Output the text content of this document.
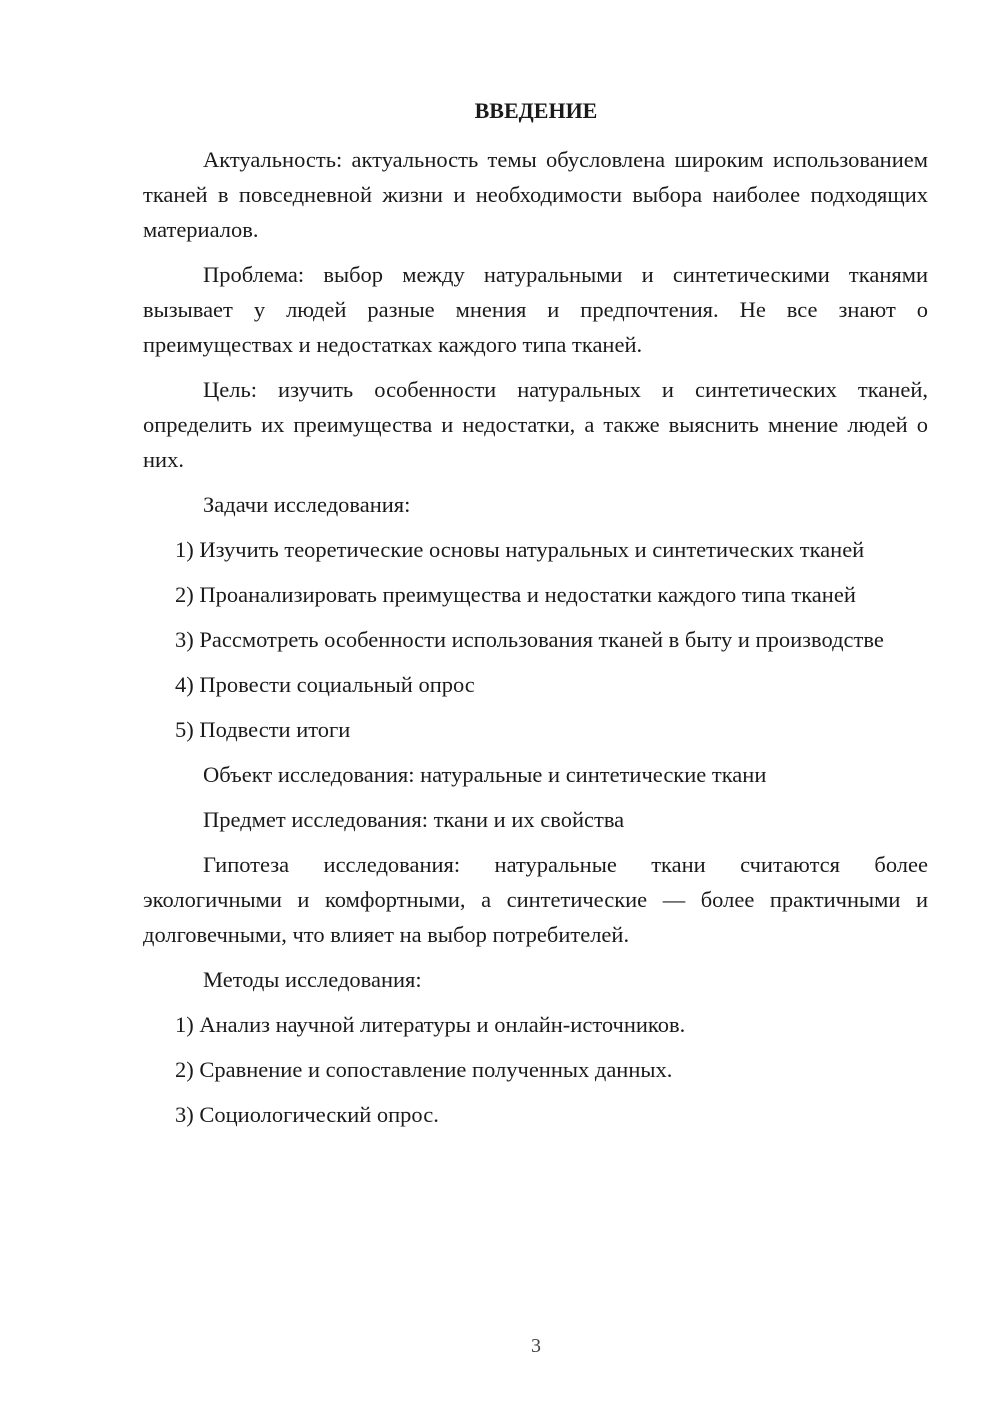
ВВЕДЕНИЕ

Актуальность: актуальность темы обусловлена широким использованием тканей в повседневной жизни и необходимости выбора наиболее подходящих материалов.

Проблема: выбор между натуральными и синтетическими тканями вызывает у людей разные мнения и предпочтения. Не все знают о преимуществах и недостатках каждого типа тканей.

Цель: изучить особенности натуральных и синтетических тканей, определить их преимущества и недостатки, а также выяснить мнение людей о них.

Задачи исследования:

1) Изучить теоретические основы натуральных и синтетических тканей

2) Проанализировать преимущества и недостатки каждого типа тканей

3) Рассмотреть особенности использования тканей в быту и производстве

4) Провести социальный опрос

5) Подвести итоги

Объект исследования: натуральные и синтетические ткани

Предмет исследования: ткани и их свойства

Гипотеза исследования: натуральные ткани считаются более экологичными и комфортными, а синтетические — более практичными и долговечными, что влияет на выбор потребителей.

Методы исследования:

1) Анализ научной литературы и онлайн-источников.

2) Сравнение и сопоставление полученных данных.

3) Социологический опрос.

3
